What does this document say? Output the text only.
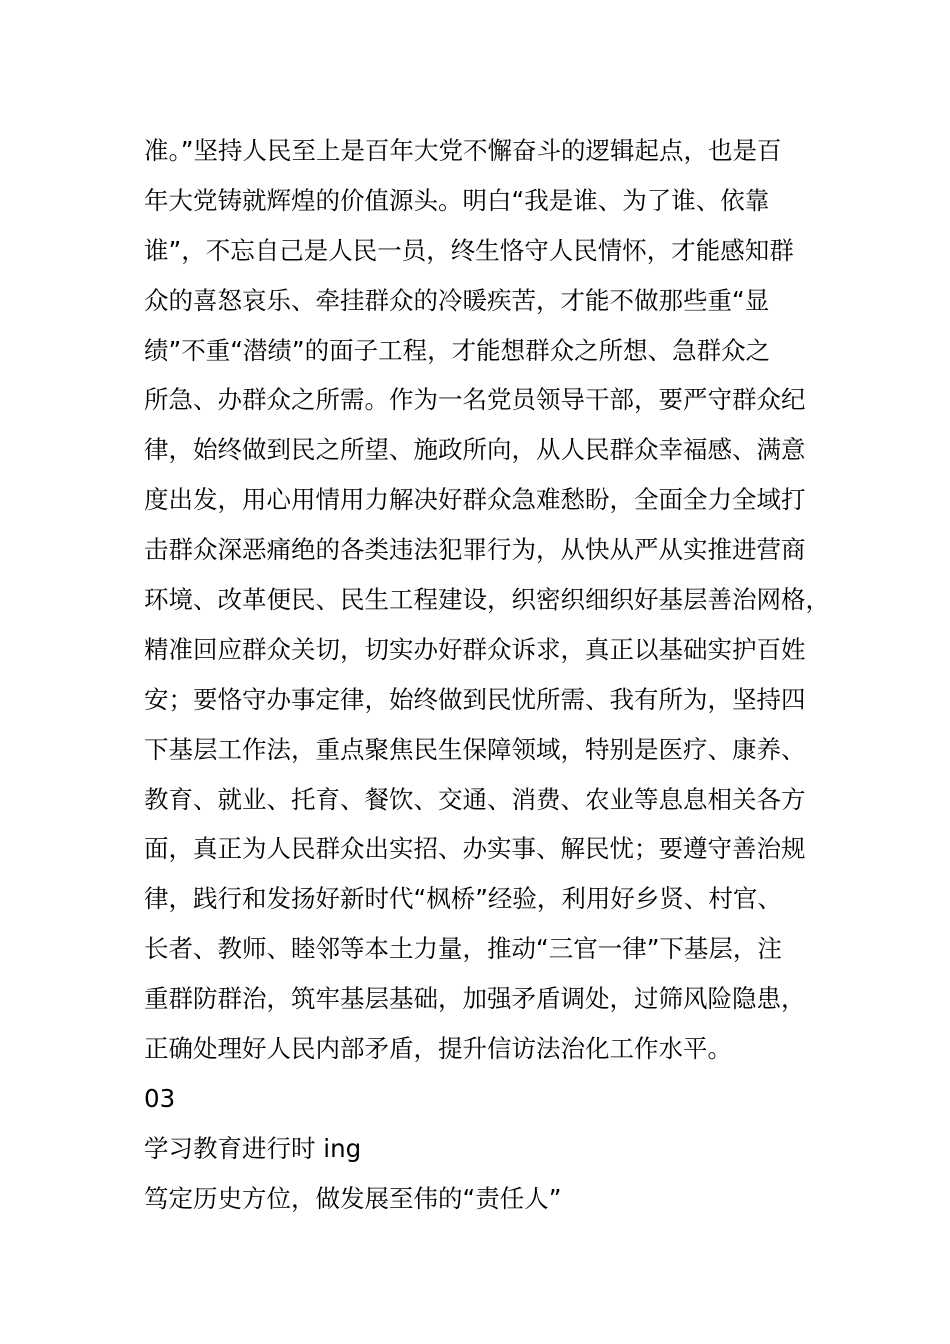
准。”坚持人民至上是百年大党不懈奋斗的逻辑起点，也是百
年大党铸就辉煌的价值源头。明白“我是谁、为了谁、依靠
谁”，不忘自己是人民一员，终生恪守人民情怀，才能感知群
众的喜怒哀乐、牵挂群众的冷暖疾苦，才能不做那些重“显
绩”不重“潜绩”的面子工程，才能想群众之所想、急群众之
所急、办群众之所需。作为一名党员领导干部，要严守群众纪
律，始终做到民之所望、施政所向，从人民群众幸福感、满意
度出发，用心用情用力解决好群众急难愁盼，全面全力全域打
击群众深恶痛绝的各类违法犯罪行为，从快从严从实推进营商
环境、改革便民、民生工程建设，织密织细织好基层善治网格，
精准回应群众关切，切实办好群众诉求，真正以基础实护百姓
安；要恪守办事定律，始终做到民忧所需、我有所为，坚持四
下基层工作法，重点聚焦民生保障领域，特别是医疗、康养、
教育、就业、托育、餐饮、交通、消费、农业等息息相关各方
面，真正为人民群众出实招、办实事、解民忧；要遵守善治规
律，践行和发扬好新时代“枫桥”经验，利用好乡贤、村官、
长者、教师、睦邻等本土力量，推动“三官一律”下基层，注
重群防群治，筑牢基层基础，加强矛盾调处，过筛风险隐患，
正确处理好人民内部矛盾，提升信访法治化工作水平。
03
学习教育进行时 ing
笃定历史方位，做发展至伟的“责任人”
